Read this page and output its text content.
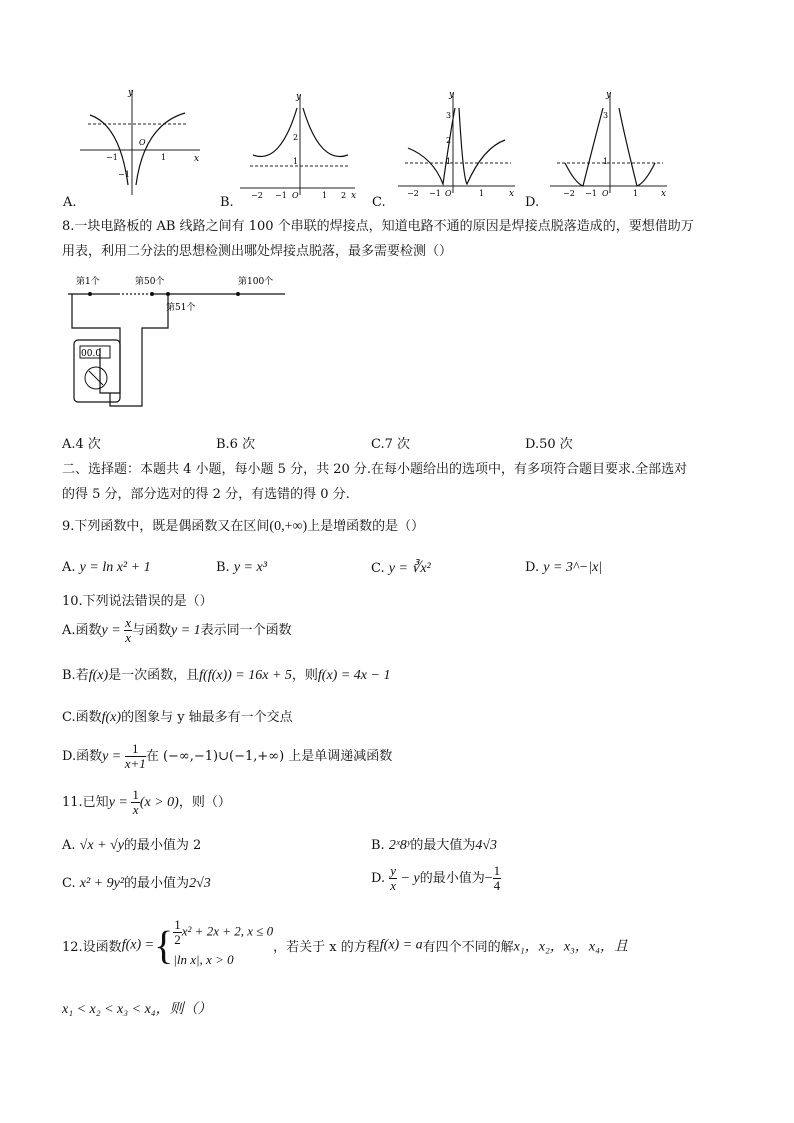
y
x
−1	1
O
−1
A.
y
x
−2 −1 O	1 2
2
1
B.
y
x
−2 −1 O	1
3
2
1
C.
y
x
−2 −1 O	1
3
1
D.
8.一块电路板的 AB 线路之间有 100 个串联的焊接点，知道电路不通的原因是焊接点脱落造成的，要想借助万
用表，利用二分法的思想检测出哪处焊接点脱落，最多需要检测（）
00.0
第1个	第50个
第51个
第100个
A.4 次	B.6 次	C.7 次	D.50 次
二、选择题：本题共 4 小题，每小题 5 分，共 20 分.在每小题给出的选项中，有多项符合题目要求.全部选对
的得 5 分，部分选对的得 2 分，有选错的得 0 分.
9.下列函数中，既是偶函数又在区间(0,+∞)上是增函数的是（）
A. y = ln x² + 1	B. y = x³	C. y = ∛x²	D. y = 3^−|x|
10.下列说法错误的是（）
A.函数$y = \frac{x}{x}$ 与函数y = 1表示同一个函数
B.若f(x)是一次函数，且f(f(x)) = 16x + 5，则f(x) = 4x − 1
C.函数f(x)的图象与 y 轴最多有一个交点
D.函数$y = \frac{1}{x+1}$ 在 (−∞,−1)∪(−1,+∞) 上是单调递减函数
11.已知$y = \frac{1}{x} (x > 0)$，则（）
A. √x + √y的最小值为 2	B. 2ˣ8ʸ的最大值为4√3
C. x² + 9y²的最小值为2√3	D. $\frac{y}{x} - y$的最小值为− $\frac{1}{4}$
12.设函数f(x) ={ $\frac{1}{2} x^2 + 2x + 2$, x ≤ 0
|ln x|, x > 0
，若关于 x 的方程f(x) = a有四个不同的解x₁，x₂，x₃，x₄，且
x₁ < x₂ < x₃ < x₄，则（）
